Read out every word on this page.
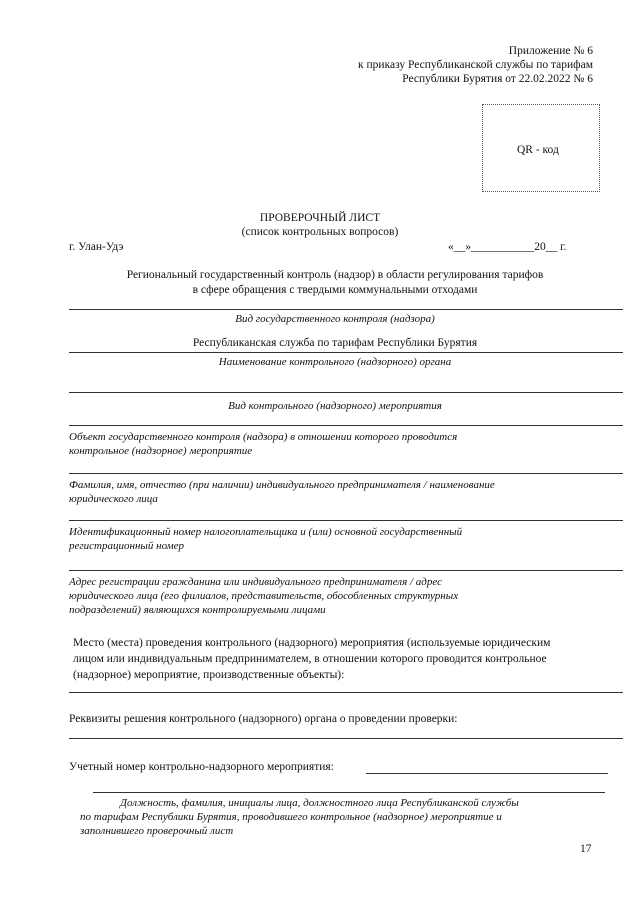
Приложение № 6
к приказу Республиканской службы по тарифам
Республики Бурятия от 22.02.2022 № 6
QR - код
ПРОВЕРОЧНЫЙ ЛИСТ
(список контрольных вопросов)
г. Улан-Удэ	«__»___________20__ г.
Региональный государственный контроль (надзор) в области регулирования тарифов
в сфере обращения с твердыми коммунальными отходами
Вид государственного контроля (надзора)
Республиканская служба по тарифам Республики Бурятия
Наименование контрольного (надзорного) органа
Вид контрольного (надзорного) мероприятия
Объект государственного контроля (надзора) в отношении которого проводится
контрольное (надзорное) мероприятие
Фамилия, имя, отчество (при наличии) индивидуального предпринимателя / наименование
юридического лица
Идентификационный номер налогоплательщика и (или) основной государственный
регистрационный номер
Адрес регистрации гражданина или индивидуального предпринимателя / адрес
юридического лица (его филиалов, представительств, обособленных структурных
подразделений) являющихся контролируемыми лицами
Место (места) проведения контрольного (надзорного) мероприятия (используемые юридическим
лицом или индивидуальным предпринимателем, в отношении которого проводится контрольное
(надзорное) мероприятие, производственные объекты):
Реквизиты решения контрольного (надзорного) органа о проведении проверки:
Учетный номер контрольно-надзорного мероприятия:
Должность, фамилия, инициалы лица, должностного лица Республиканской службы
по тарифам Республики Бурятия, проводившего контрольное (надзорное) мероприятие и
заполнившего проверочный лист
17
